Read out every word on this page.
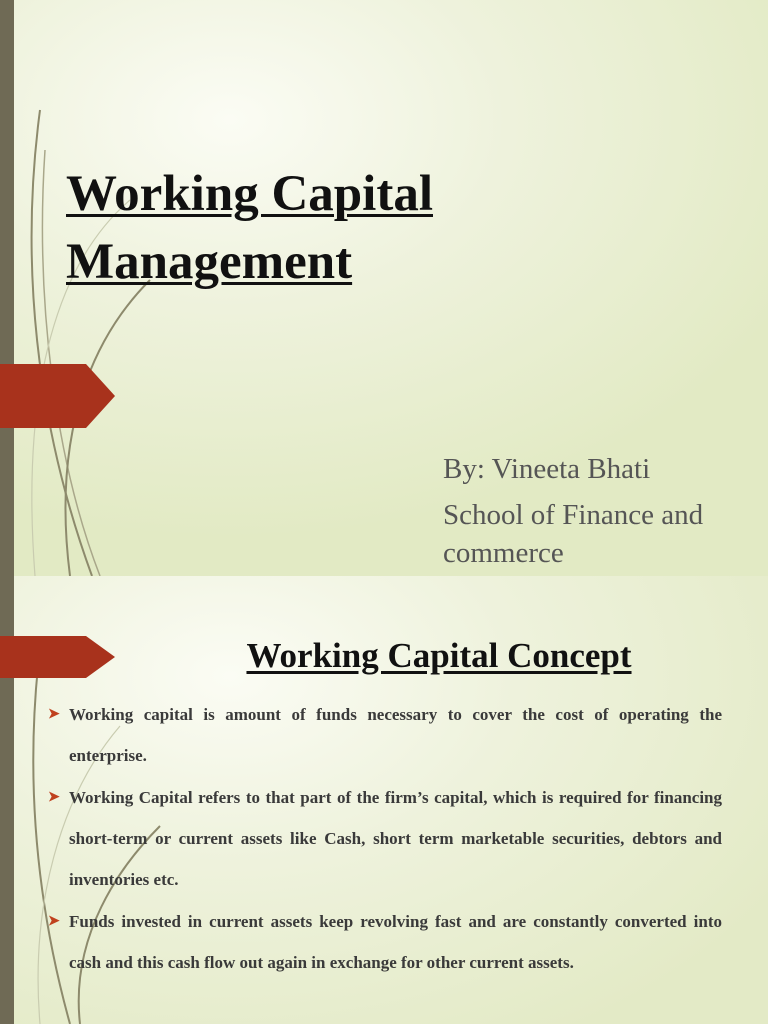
Working Capital
Management
By: Vineeta Bhati
School of Finance and commerce
Working Capital Concept
➤ Working capital is amount of funds necessary to cover the cost of operating the enterprise.
➤ Working Capital refers to that part of the firm’s capital, which is required for financing short-term or current assets like Cash, short term marketable securities, debtors and inventories etc.
➤ Funds invested in current assets keep revolving fast and are constantly converted into cash and this cash flow out again in exchange for other current assets.
